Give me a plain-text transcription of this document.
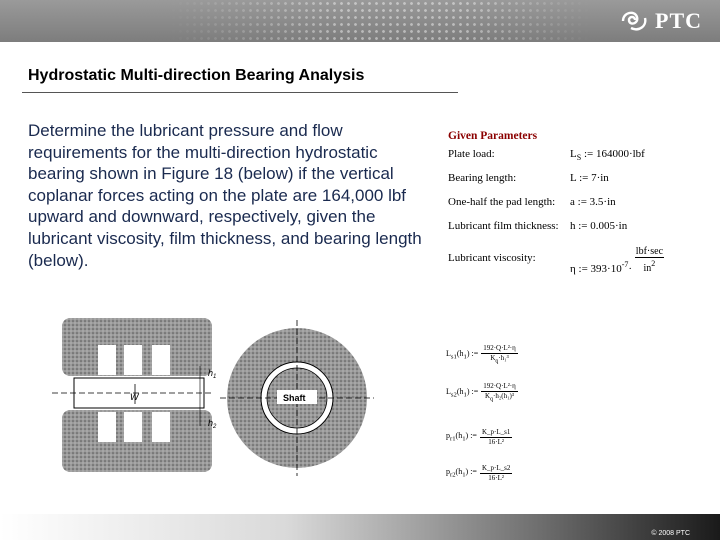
PTC
Hydrostatic Multi-direction Bearing Analysis
Determine the lubricant pressure and flow requirements for the multi-direction hydrostatic bearing shown in Figure 18 (below) if the vertical coplanar forces acting on the plate are 164,000 lbf upward and downward, respectively, given the lubricant viscosity, film thickness, and bearing length (below).
Given Parameters
Plate load:	$L_S$ := 164000·lbf
Bearing length:	L := 7·in
One-half the pad length: a := 3.5·in
Lubricant film thickness: h := 0.005·in
Lubricant viscosity:
η := $393\cdot 10^{-7}\cdot \frac{\text{lbf·sec}}{in^2}$
W
$h_1$
$h_2$
Shaft
$L_{s1}(h_1)$ := $\frac{\text{192·Q·L²·η}}{K_q\cdot h_1^3}$
$L_{s2}(h_1)$ := $\frac{\text{192·Q·L²·η}}{K_q\cdot h_2(h_1)^3}$
$p_{r1}(h_1)$ := $\frac{K\_p\cdot L\_s1}{\text{16·L²}}$
$p_{r2}(h_1)$ := $\frac{K\_p\cdot L\_s2}{\text{16·L²}}$
© 2008 PTC
